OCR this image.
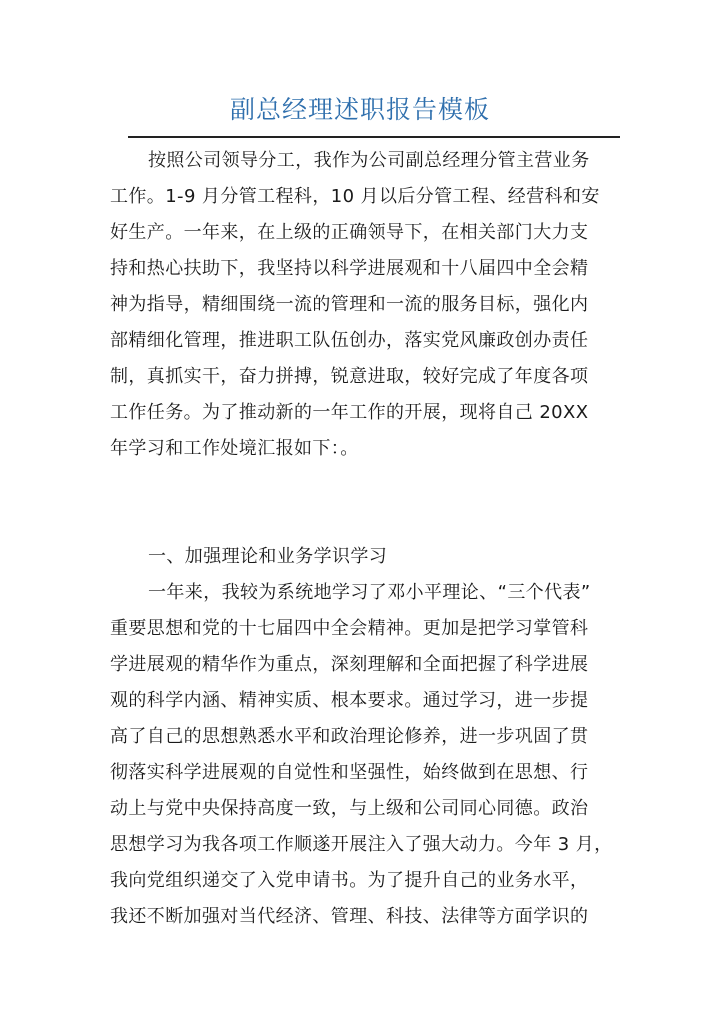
副总经理述职报告模板
按照公司领导分工，我作为公司副总经理分管主营业务
工作。1-9 月分管工程科，10 月以后分管工程、经营科和安
好生产。一年来，在上级的正确领导下，在相关部门大力支
持和热心扶助下，我坚持以科学进展观和十八届四中全会精
神为指导，精细围绕一流的管理和一流的服务目标，强化内
部精细化管理，推进职工队伍创办，落实党风廉政创办责任
制，真抓实干，奋力拼搏，锐意进取，较好完成了年度各项
工作任务。为了推动新的一年工作的开展，现将自己 20XX
年学习和工作处境汇报如下：。
一、加强理论和业务学识学习
一年来，我较为系统地学习了邓小平理论、“三个代表”
重要思想和党的十七届四中全会精神。更加是把学习掌管科
学进展观的精华作为重点，深刻理解和全面把握了科学进展
观的科学内涵、精神实质、根本要求。通过学习，进一步提
高了自己的思想熟悉水平和政治理论修养，进一步巩固了贯
彻落实科学进展观的自觉性和坚强性，始终做到在思想、行
动上与党中央保持高度一致，与上级和公司同心同德。政治
思想学习为我各项工作顺遂开展注入了强大动力。今年 3 月，
我向党组织递交了入党申请书。为了提升自己的业务水平，
我还不断加强对当代经济、管理、科技、法律等方面学识的
